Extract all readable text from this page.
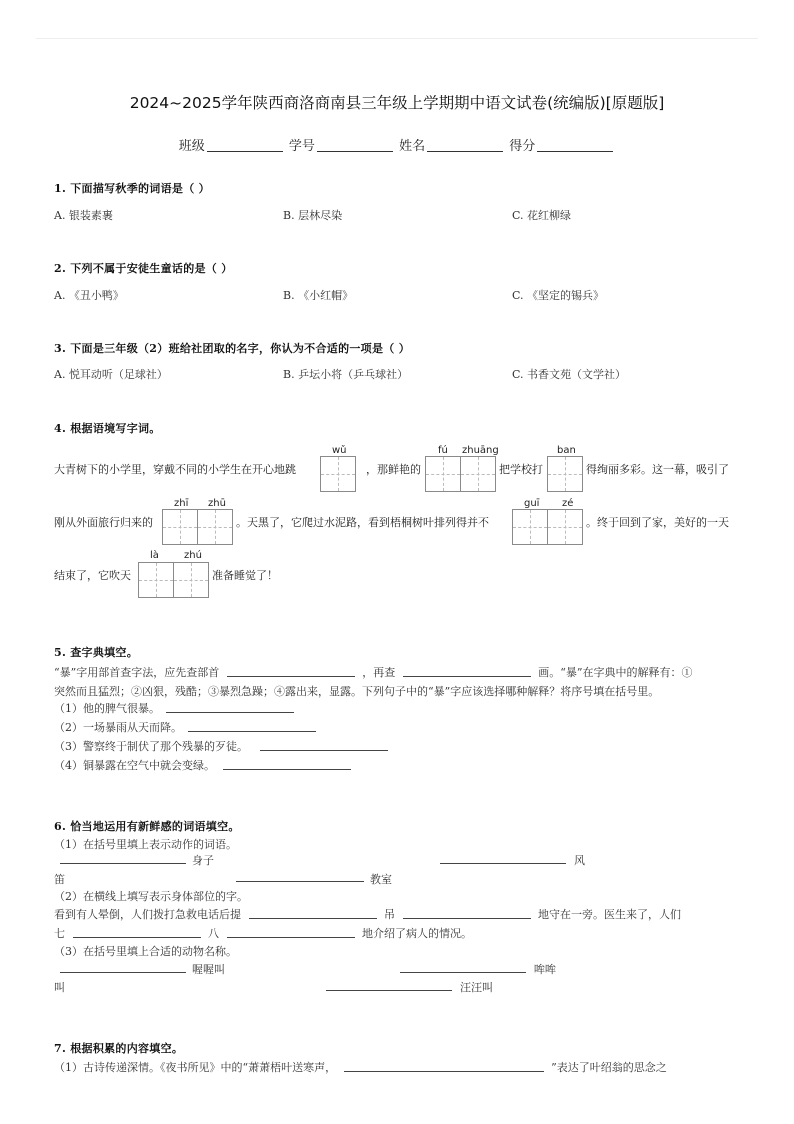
2024~2025学年陕西商洛商南县三年级上学期期中语文试卷(统编版)[原题版]
班级	学号	姓名	得分
1. 下面描写秋季的词语是（ ）
A. 银装素裹	B. 层林尽染	C. 花红柳绿
2. 下列不属于安徒生童话的是（ ）
A. 《丑小鸭》	B. 《小红帽》	C. 《坚定的锡兵》
3. 下面是三年级（2）班给社团取的名字，你认为不合适的一项是（ ）
A. 悦耳动听（足球社）	B. 乒坛小将（乒乓球社）	C. 书香文苑（文学社）
4. 根据语境写字词。
大青树下的小学里，穿戴不同的小学生在开心地跳
wǔ
，那鲜艳的
fú zhuāng
把学校打
ban
得绚丽多彩。这一幕，吸引了
刚从外面旅行归来的
zhī zhū
。天黑了，它爬过水泥路，看到梧桐树叶排列得并不
guī zé
。终于回到了家，美好的一天
结束了，它吹天
là	zhú
准备睡觉了！
5. 查字典填空。
“暴”字用部首查字法，应先查部首	，再查	画。“暴”在字典中的解释有：①
突然而且猛烈；②凶狠，残酷；③暴烈急躁；④露出来，显露。下列句子中的“暴”字应该选择哪种解释？将序号填在括号里。
（1）他的脾气很暴。
（2）一场暴雨从天而降。
（3）警察终于制伏了那个残暴的歹徒。
（4）铜暴露在空气中就会变绿。
6. 恰当地运用有新鲜感的词语填空。
（1）在括号里填上表示动作的词语。
身子	风
笛	教室
（2）在横线上填写表示身体部位的字。
看到有人晕倒，人们拨打急救电话后提	吊	地守在一旁。医生来了，人们
七	八	地介绍了病人的情况。
（3）在括号里填上合适的动物名称。
喔喔叫	哞哞
叫	汪汪叫
7. 根据积累的内容填空。
（1）古诗传递深情。《夜书所见》中的“萧萧梧叶送寒声，	”表达了叶绍翁的思念之
